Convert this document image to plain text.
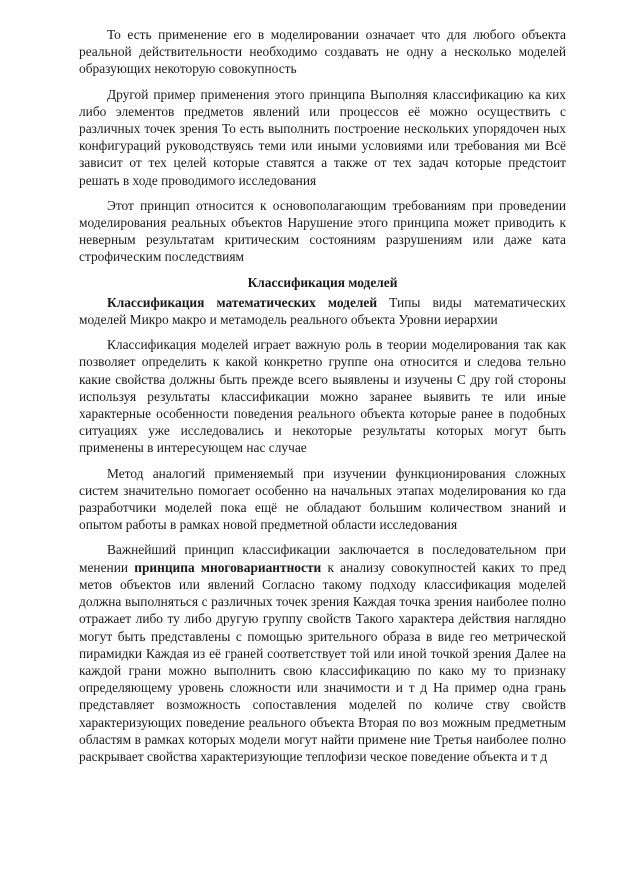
То есть применение его в моделировании означает что для любого объекта реальной действительности необходимо создавать не одну а несколько моделей образующих некоторую совокупность

Другой пример применения этого принципа Выполняя классификацию ка ких либо элементов предметов явлений или процессов её можно осуществить с различных точек зрения То есть выполнить построение нескольких упорядочен ных конфигураций руководствуясь теми или иными условиями или требования ми Всё зависит от тех целей которые ставятся а также от тех задач которые предстоит решать в ходе проводимого исследования

Этот принцип относится к основополагающим требованиям при проведении моделирования реальных объектов Нарушение этого принципа может приводить к неверным результатам критическим состояниям разрушениям или даже ката строфическим последствиям

Классификация моделей

Классификация математических моделей Типы виды математических моделей Микро макро и метамодель реального объекта Уровни иерархии

Классификация моделей играет важную роль в теории моделирования так как позволяет определить к какой конкретно группе она относится и следова тельно какие свойства должны быть прежде всего выявлены и изучены С дру гой стороны используя результаты классификации можно заранее выявить те или иные характерные особенности поведения реального объекта которые ранее в подобных ситуациях уже исследовались и некоторые результаты которых могут быть применены в интересующем нас случае

Метод аналогий применяемый при изучении функционирования сложных систем значительно помогает особенно на начальных этапах моделирования ко гда разработчики моделей пока ещё не обладают большим количеством знаний и опытом работы в рамках новой предметной области исследования

Важнейший принцип классификации заключается в последовательном при менении принципа многовариантности к анализу совокупностей каких то пред метов объектов или явлений Согласно такому подходу классификация моделей должна выполняться с различных точек зрения Каждая точка зрения наиболее полно отражает либо ту либо другую группу свойств Такого характера действия наглядно могут быть представлены с помощью зрительного образа в виде гео метрической пирамидки Каждая из её граней соответствует той или иной точкой зрения Далее на каждой грани можно выполнить свою классификацию по како му то признаку определяющему уровень сложности или значимости и т д На пример одна грань представляет возможность сопоставления моделей по количе ству свойств характеризующих поведение реального объекта Вторая по воз можным предметным областям в рамках которых модели могут найти примене ние Третья наиболее полно раскрывает свойства характеризующие теплофизи ческое поведение объекта и т д
